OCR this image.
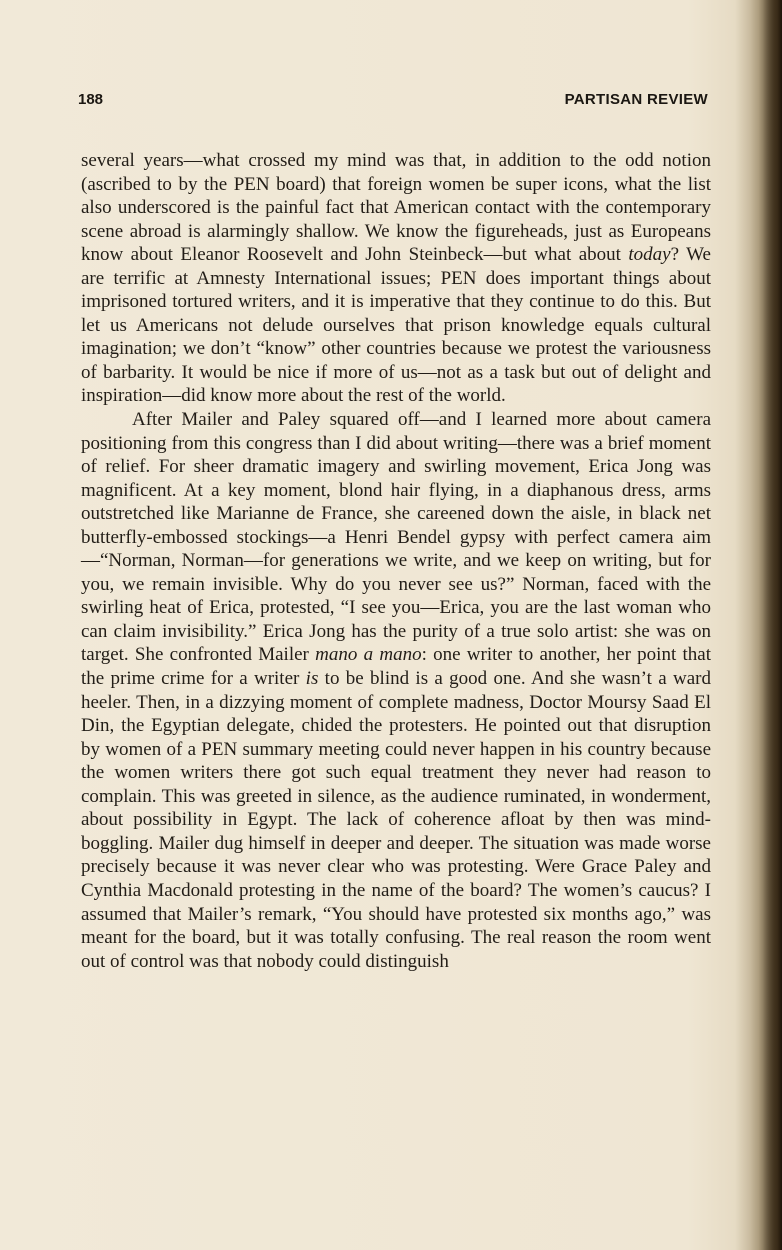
188	PARTISAN REVIEW

several years—what crossed my mind was that, in addition to the odd notion (ascribed to by the PEN board) that foreign women be super icons, what the list also underscored is the painful fact that American contact with the contemporary scene abroad is alarmingly shallow. We know the figureheads, just as Europeans know about Eleanor Roosevelt and John Steinbeck—but what about today? We are terrific at Amnesty International issues; PEN does important things about imprisoned tortured writers, and it is imperative that they continue to do this. But let us Americans not delude ourselves that prison knowledge equals cultural imagination; we don’t “know” other countries because we protest the variousness of barbarity. It would be nice if more of us—not as a task but out of delight and inspiration—did know more about the rest of the world.

After Mailer and Paley squared off—and I learned more about camera positioning from this congress than I did about writing—there was a brief moment of relief. For sheer dramatic imagery and swirling movement, Erica Jong was magnificent. At a key moment, blond hair flying, in a diaphanous dress, arms outstretched like Marianne de France, she careened down the aisle, in black net butterfly-embossed stockings—a Henri Bendel gypsy with perfect camera aim—“Norman, Norman—for generations we write, and we keep on writing, but for you, we remain invisible. Why do you never see us?” Norman, faced with the swirling heat of Erica, protested, “I see you—Erica, you are the last woman who can claim invisibility.” Erica Jong has the purity of a true solo artist: she was on target. She confronted Mailer mano a mano: one writer to another, her point that the prime crime for a writer is to be blind is a good one. And she wasn’t a ward heeler. Then, in a dizzying moment of complete madness, Doctor Moursy Saad El Din, the Egyptian delegate, chided the protesters. He pointed out that disruption by women of a PEN summary meeting could never happen in his country because the women writers there got such equal treatment they never had reason to complain. This was greeted in silence, as the audience ruminated, in wonderment, about possibility in Egypt. The lack of coherence afloat by then was mind-boggling. Mailer dug himself in deeper and deeper. The situation was made worse precisely because it was never clear who was protesting. Were Grace Paley and Cynthia Macdonald protesting in the name of the board? The women’s caucus? I assumed that Mailer’s remark, “You should have protested six months ago,” was meant for the board, but it was totally confusing. The real reason the room went out of control was that nobody could distinguish
